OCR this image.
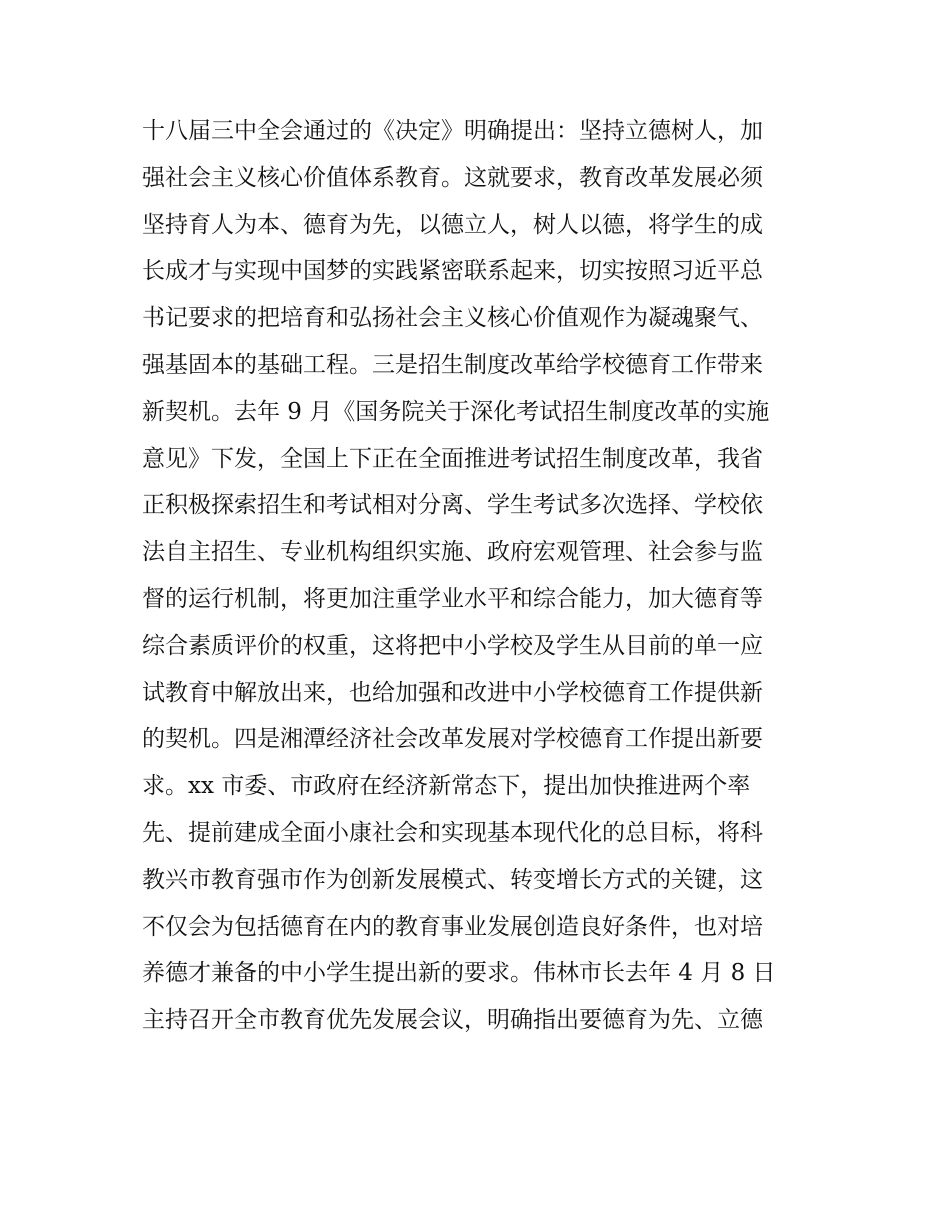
十八届三中全会通过的《决定》明确提出：坚持立德树人，加
强社会主义核心价值体系教育。这就要求，教育改革发展必须
坚持育人为本、德育为先，以德立人，树人以德，将学生的成
长成才与实现中国梦的实践紧密联系起来，切实按照习近平总
书记要求的把培育和弘扬社会主义核心价值观作为凝魂聚气、
强基固本的基础工程。三是招生制度改革给学校德育工作带来
新契机。去年 9 月《国务院关于深化考试招生制度改革的实施
意见》下发，全国上下正在全面推进考试招生制度改革，我省
正积极探索招生和考试相对分离、学生考试多次选择、学校依
法自主招生、专业机构组织实施、政府宏观管理、社会参与监
督的运行机制，将更加注重学业水平和综合能力，加大德育等
综合素质评价的权重，这将把中小学校及学生从目前的单一应
试教育中解放出来，也给加强和改进中小学校德育工作提供新
的契机。四是湘潭经济社会改革发展对学校德育工作提出新要
求。xx 市委、市政府在经济新常态下，提出加快推进两个率
先、提前建成全面小康社会和实现基本现代化的总目标，将科
教兴市教育强市作为创新发展模式、转变增长方式的关键，这
不仅会为包括德育在内的教育事业发展创造良好条件，也对培
养德才兼备的中小学生提出新的要求。伟林市长去年 4 月 8 日
主持召开全市教育优先发展会议，明确指出要德育为先、立德
